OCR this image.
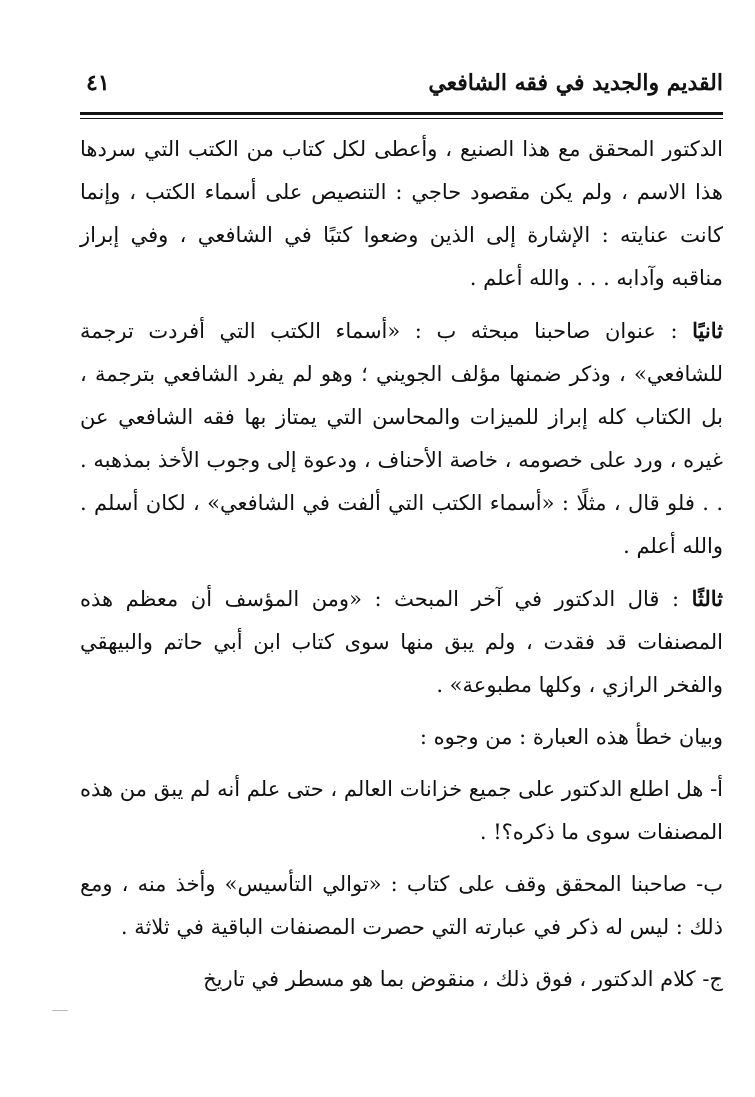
القديم والجديد في فقه الشافعي
٤١

الدكتور المحقق مع هذا الصنيع ، وأعطى لكل كتاب من الكتب التي سردها هذا الاسم ، ولم يكن مقصود حاجي : التنصيص على أسماء الكتب ، وإنما كانت عنايته : الإشارة إلى الذين وضعوا كتبًا في الشافعي ، وفي إبراز مناقبه وآدابه . . . والله أعلم .

ثانيًا : عنوان صاحبنا مبحثه ب : «أسماء الكتب التي أفردت ترجمة للشافعي» ، وذكر ضمنها مؤلف الجويني ؛ وهو لم يفرد الشافعي بترجمة ، بل الكتاب كله إبراز للميزات والمحاسن التي يمتاز بها فقه الشافعي عن غيره ، ورد على خصومه ، خاصة الأحناف ، ودعوة إلى وجوب الأخذ بمذهبه . . . فلو قال ، مثلًا : «أسماء الكتب التي ألفت في الشافعي» ، لكان أسلم . والله أعلم .

ثالثًا : قال الدكتور في آخر المبحث : «ومن المؤسف أن معظم هذه المصنفات قد فقدت ، ولم يبق منها سوى كتاب ابن أبي حاتم والبيهقي والفخر الرازي ، وكلها مطبوعة» .

وبيان خطأ هذه العبارة : من وجوه :

أ- هل اطلع الدكتور على جميع خزانات العالم ، حتى علم أنه لم يبق من هذه المصنفات سوى ما ذكره؟! .

ب- صاحبنا المحقق وقف على كتاب : «توالي التأسيس» وأخذ منه ، ومع ذلك : ليس له ذكر في عبارته التي حصرت المصنفات الباقية في ثلاثة .

ج- كلام الدكتور ، فوق ذلك ، منقوض بما هو مسطر في تاريخ
